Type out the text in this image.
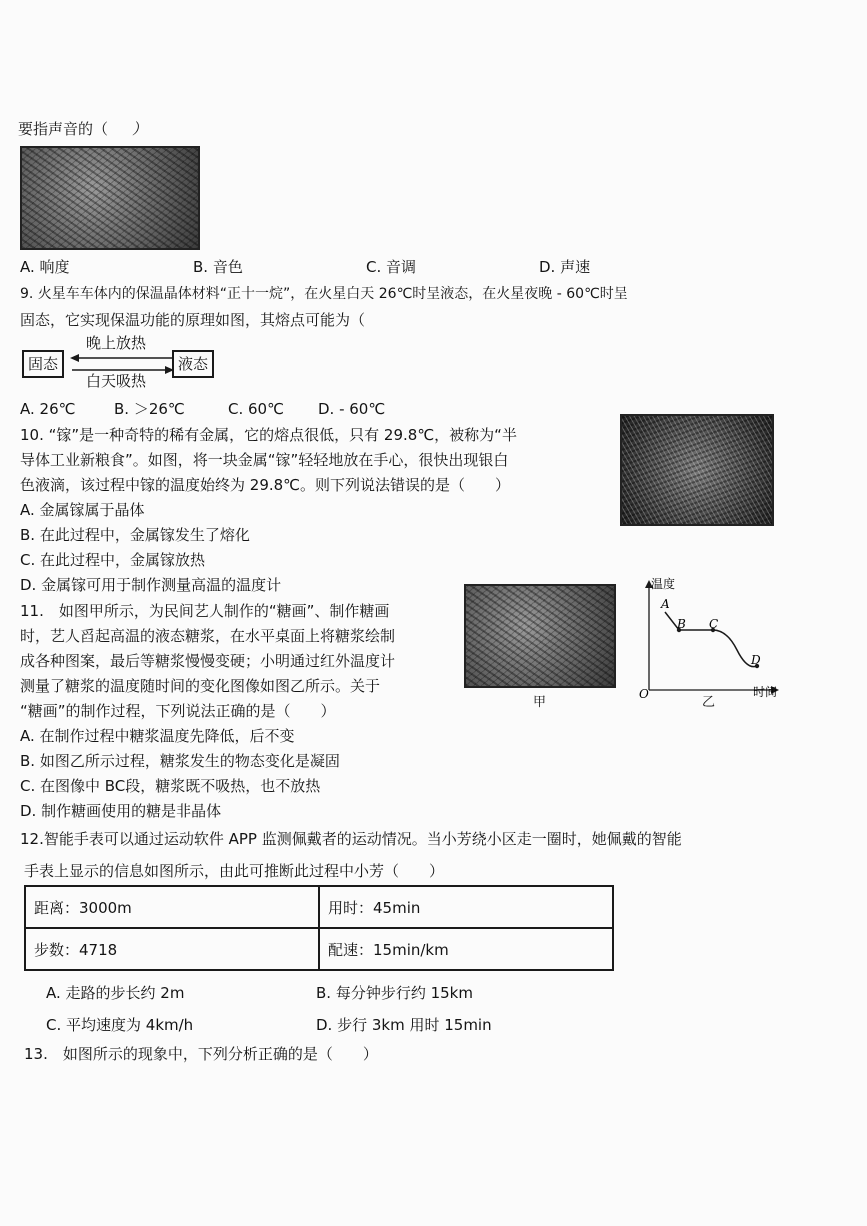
要指声音的（ ）
A. 响度	B. 音色	C. 音调	D. 声速
9. 火星车车体内的保温晶体材料“正十一烷”，在火星白天 26℃时呈液态，在火星夜晚 - 60℃时呈
固态，它实现保温功能的原理如图，其熔点可能为（
晚上放热
固态	液态
白天吸热
A. 26℃	B. ＞26℃	C. 60℃ D. - 60℃
10. “镓”是一种奇特的稀有金属，它的熔点很低，只有 29.8℃，被称为“半
导体工业新粮食”。如图，将一块金属“镓”轻轻地放在手心，很快出现银白
色液滴，该过程中镓的温度始终为 29.8℃。则下列说法错误的是（　　）
A. 金属镓属于晶体
B. 在此过程中，金属镓发生了熔化
C. 在此过程中，金属镓放热
D. 金属镓可用于制作测量高温的温度计
11.　如图甲所示，为民间艺人制作的“糖画”、制作糖画
时，艺人舀起高温的液态糖浆，在水平桌面上将糖浆绘制
成各种图案，最后等糖浆慢慢变硬；小明通过红外温度计
测量了糖浆的温度随时间的变化图像如图乙所示。关于
“糖画”的制作过程，下列说法正确的是（　　）	甲
温度
时间
O
A
B C
D
乙
A. 在制作过程中糖浆温度先降低，后不变
B. 如图乙所示过程，糖浆发生的物态变化是凝固
C. 在图像中 BC段，糖浆既不吸热，也不放热
D. 制作糖画使用的糖是非晶体
12.智能手表可以通过运动软件 APP 监测佩戴者的运动情况。当小芳绕小区走一圈时，她佩戴的智能
手表上显示的信息如图所示，由此可推断此过程中小芳（　　）
距离：3000m	用时：45min
步数：4718	配速：15min/km
A. 走路的步长约 2m	B. 每分钟步行约 15km
C. 平均速度为 4km/h	D. 步行 3km 用时 15min
13.　如图所示的现象中，下列分析正确的是（　　）
